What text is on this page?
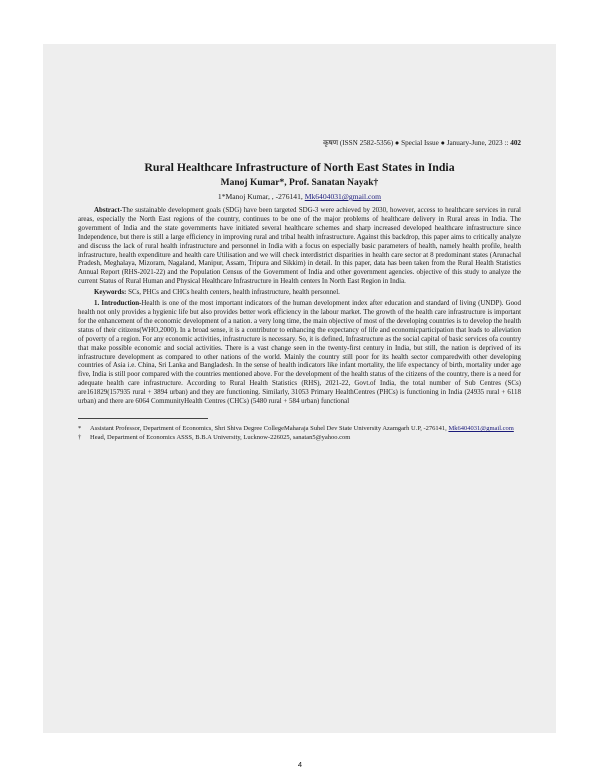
कृषण (ISSN 2582-5356) ● Special Issue ● January-June, 2023 :: 402
Rural Healthcare Infrastructure of North East States in India
Manoj Kumar*, Prof. Sanatan Nayak†
1*Manoj Kumar, , -276141, Mk6404031@gmail.com

Abstract-The sustainable development goals (SDG) have been targeted SDG-3 were achieved by 2030, however, access to healthcare services in rural areas, especially the North East regions of the country, continues to be one of the major problems of healthcare delivery in Rural areas in India. The government of India and the state governments have initiated several healthcare schemes and sharp increased developed healthcare infrastructure since Independence, but there is still a large efficiency in improving rural and tribal health infrastructure. Against this backdrop, this paper aims to critically analyze and discuss the lack of rural health infrastructure and personnel in India with a focus on especially basic parameters of health, namely health profile, health infrastructure, health expenditure and health care Utilisation and we will check interdistrict disparities in health care sector at 8 predominant states (Arunachal Pradesh, Meghalaya, Mizoram, Nagaland, Manipur, Assam, Tripura and Sikkim) in detail. In this paper, data has been taken from the Rural Health Statistics Annual Report (RHS-2021-22) and the Population Census of the Government of India and other government agencies. objective of this study to analyze the current Status of Rural Human and Physical Healthcare Infrastructure in Health centers In North East Region in India.

Keywords: SCs, PHCs and CHCs health centers, health infrastructure, health personnel.

1. Introduction-Health is one of the most important indicators of the human development index after education and standard of living (UNDP). Good health not only provides a hygienic life but also provides better work efficiency in the labour market. The growth of the health care infrastructure is important for the enhancement of the economic development of a nation. a very long time, the main objective of most of the developing countries is to develop the health status of their citizens(WHO,2000). In a broad sense, it is a contributor to enhancing the expectancy of life and economicparticipation that leads to alleviation of poverty of a region. For any economic activities, infrastructure is necessary. So, it is defined, Infrastructure as the social capital of basic services ofa country that make possible economic and social activities. There is a vast change seen in the twenty-first century in India, but still, the nation is deprived of its infrastructure development as compared to other nations of the world. Mainly the country still poor for its health sector comparedwith other developing countries of Asia i.e. China, Sri Lanka and Bangladesh. In the sense of health indicators like infant mortality, the life expectancy of birth, mortality under age five, India is still poor compared with the countries mentioned above. For the development of the health status of the citizens of the country, there is a need for adequate health care infrastructure. According to Rural Health Statistics (RHS), 2021-22, Govt.of India, the total number of Sub Centres (SCs) are161829(157935 rural + 3894 urban) and they are functioning. Similarly, 31053 Primary HealthCentres (PHCs) is functioning in India (24935 rural + 6118 urban) and there are 6064 CommunityHealth Centres (CHCs) (5480 rural + 584 urban) functional

*	Assistant Professor, Department of Economics, Shri Shiva Degree CollegeMaharaja Suhel Dev State University Azamgarh U.P, -276141, Mk6404031@gmail.com
†	Head, Department of Economics ASSS, B.B.A University, Lucknow-226025, sanatan5@yahoo.com
4
